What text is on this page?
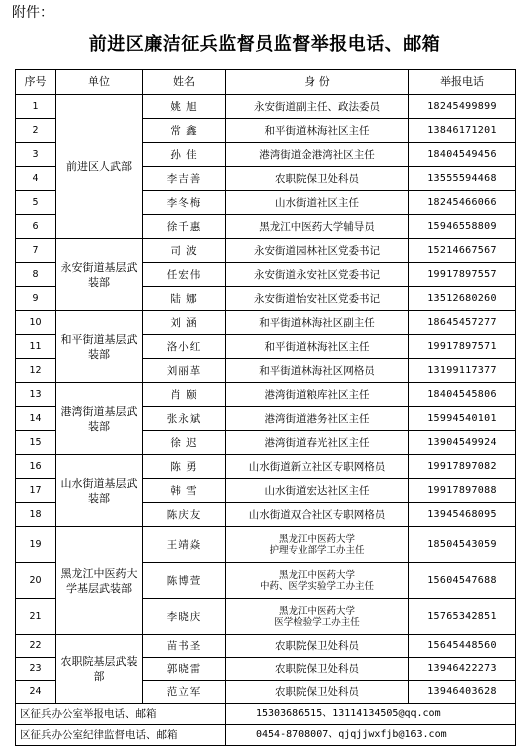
附件：
前进区廉洁征兵监督员监督举报电话、邮箱
序号	单位	姓名	身 份	举报电话
1	前进区人武部	姚 旭	永安街道副主任、政法委员	18245499899
2		常 鑫	和平街道林海社区主任	13846171201
3		孙 佳	港湾街道金港湾社区主任	18404549456
4		李吉善	农职院保卫处科员	13555594468
5		李冬梅	山水街道社区主任	18245466066
6		徐千惠	黑龙江中医药大学辅导员	15946558809
7	永安街道基层武装部	司 波	永安街道园林社区党委书记	15214667567
8		任宏伟	永安街道永安社区党委书记	19917897557
9		陆 娜	永安街道怡安社区党委书记	13512680260
10	和平街道基层武装部	刘 涵	和平街道林海社区副主任	18645457277
11		洛小红	和平街道林海社区主任	19917897571
12		刘丽革	和平街道林海社区网格员	13199117377
13	港湾街道基层武装部	肖 颐	港湾街道粮库社区主任	18404545806
14		张永斌	港湾街道港务社区主任	15994540101
15		徐 迟	港湾街道春光社区主任	13904549924
16	山水街道基层武装部	陈 勇	山水街道新立社区专职网格员	19917897082
17		韩 雪	山水街道宏达社区主任	19917897088
18		陈庆友	山水街道双合社区专职网格员	13945468095
19	黑龙江中医药大学基层武装部	王靖焱	黑龙江中医药大学
护理专业部学工办主任	18504543059
20		陈博萱	黑龙江中医药大学
中药、医学实验学工办主任	15604547688
21		李晓庆	黑龙江中医药大学
医学检验学工办主任	15765342851
22	农职院基层武装部	苗书圣	农职院保卫处科员	15645448560
23		郭晓雷	农职院保卫处科员	13946422273
24		范立军	农职院保卫处科员	13946403628
区征兵办公室举报电话、邮箱			15303686515、13114134505@qq.com	
区征兵办公室纪律监督电话、邮箱			0454-8708007、qjqjjwxfjb@163.com	
